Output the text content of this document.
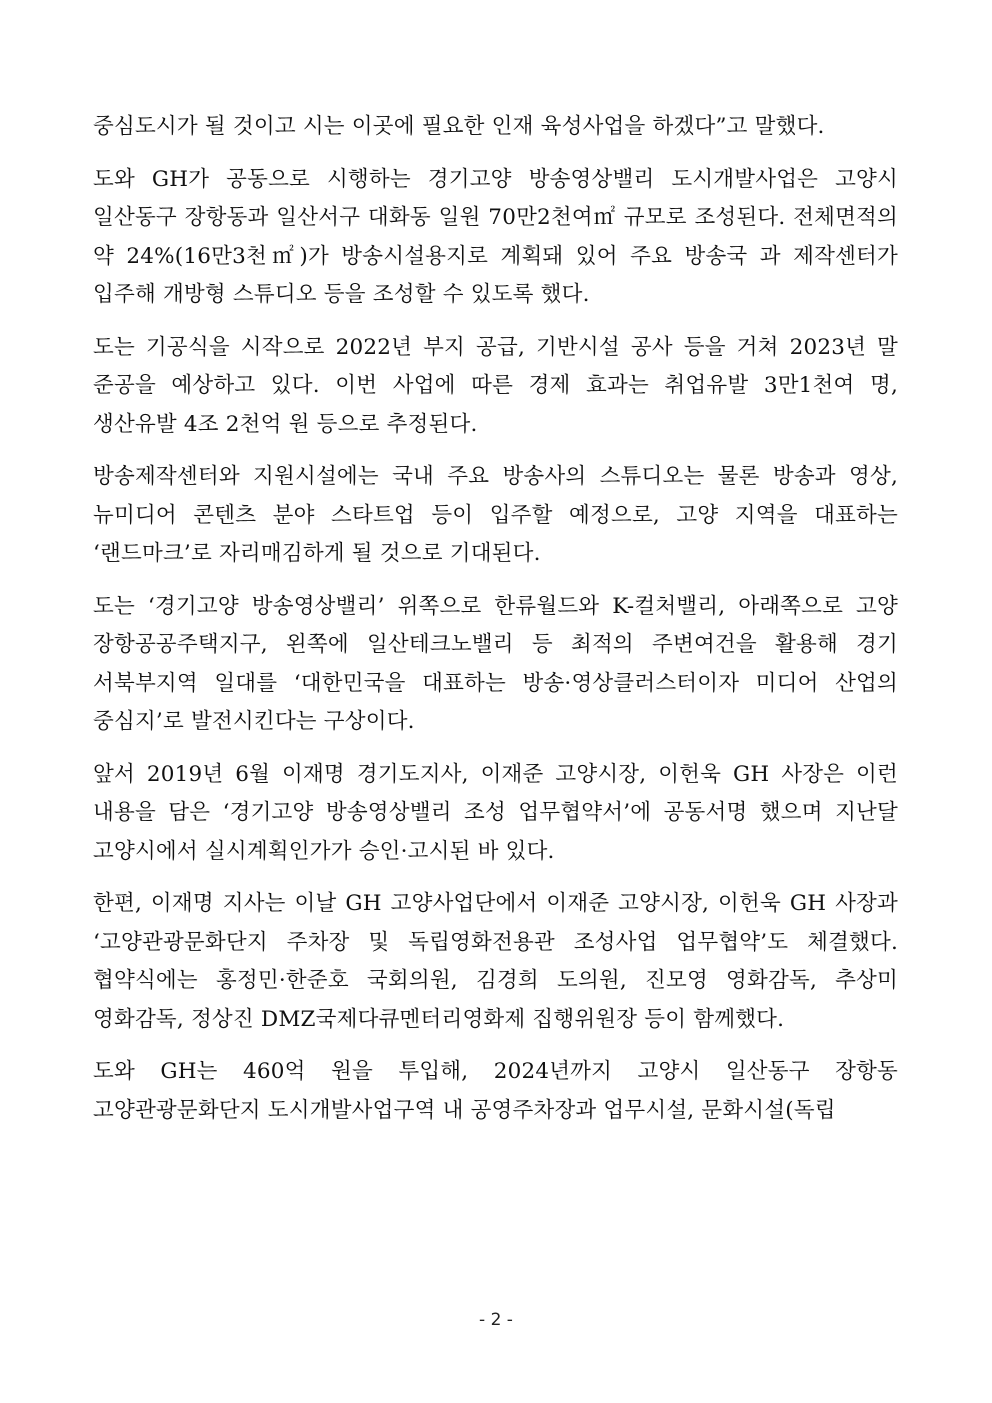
중심도시가 될 것이고 시는 이곳에 필요한 인재 육성사업을 하겠다”고 말했다.

도와 GH가 공동으로 시행하는 경기고양 방송영상밸리 도시개발사업은 고양시 일산동구 장항동과 일산서구 대화동 일원 70만2천여㎡ 규모로 조성된다. 전체면적의 약 24%(16만3천㎡)가 방송시설용지로 계획돼 있어 주요 방송국 과 제작센터가 입주해 개방형 스튜디오 등을 조성할 수 있도록 했다.

도는 기공식을 시작으로 2022년 부지 공급, 기반시설 공사 등을 거쳐 2023년 말 준공을 예상하고 있다. 이번 사업에 따른 경제 효과는 취업유발 3만1천여 명, 생산유발 4조 2천억 원 등으로 추정된다.

방송제작센터와 지원시설에는 국내 주요 방송사의 스튜디오는 물론 방송과 영상, 뉴미디어 콘텐츠 분야 스타트업 등이 입주할 예정으로, 고양 지역을 대표하는 ‘랜드마크’로 자리매김하게 될 것으로 기대된다.

도는 ‘경기고양 방송영상밸리’ 위쪽으로 한류월드와 K-컬처밸리, 아래쪽으로 고양 장항공공주택지구, 왼쪽에 일산테크노밸리 등 최적의 주변여건을 활용해 경기 서북부지역 일대를 ‘대한민국을 대표하는 방송·영상클러스터이자 미디어 산업의 중심지’로 발전시킨다는 구상이다.

앞서 2019년 6월 이재명 경기도지사, 이재준 고양시장, 이헌욱 GH 사장은 이런 내용을 담은 ‘경기고양 방송영상밸리 조성 업무협약서’에 공동서명 했으며 지난달 고양시에서 실시계획인가가 승인·고시된 바 있다.

한편, 이재명 지사는 이날 GH 고양사업단에서 이재준 고양시장, 이헌욱 GH 사장과 ‘고양관광문화단지 주차장 및 독립영화전용관 조성사업 업무협약’도 체결했다. 협약식에는 홍정민·한준호 국회의원, 김경희 도의원, 진모영 영화감독, 추상미 영화감독, 정상진 DMZ국제다큐멘터리영화제 집행위원장 등이 함께했다.

도와 GH는 460억 원을 투입해, 2024년까지 고양시 일산동구 장항동 고양관광문화단지 도시개발사업구역 내 공영주차장과 업무시설, 문화시설(독립

- 2 -
